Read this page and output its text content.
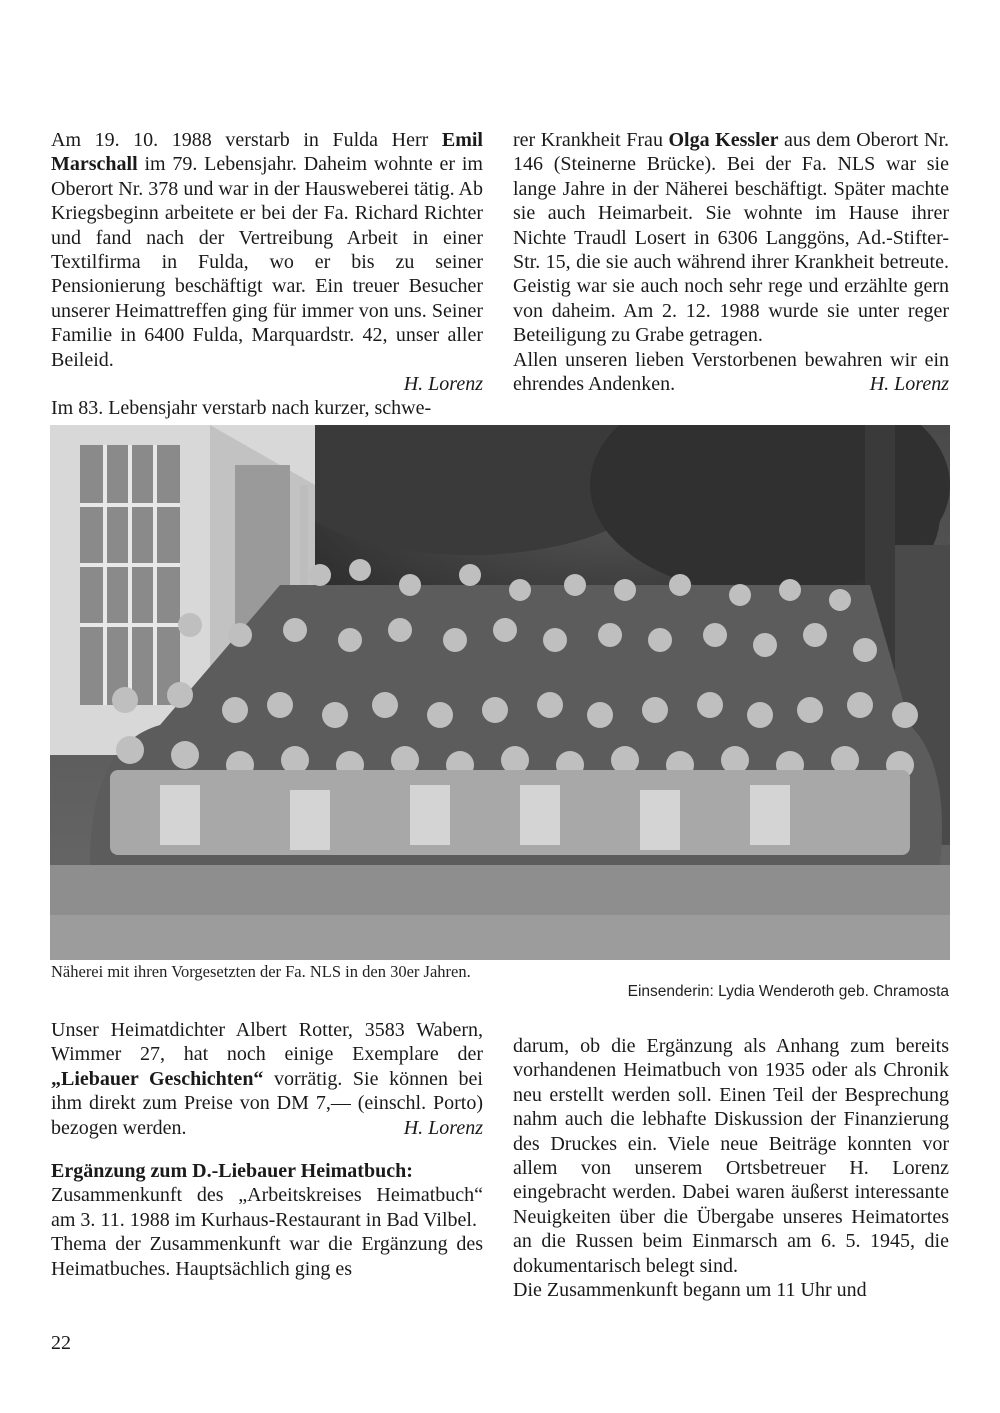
Am 19. 10. 1988 verstarb in Fulda Herr Emil Marschall im 79. Lebensjahr. Daheim wohnte er im Oberort Nr. 378 und war in der Hausweberei tätig. Ab Kriegsbeginn arbeitete er bei der Fa. Richard Richter und fand nach der Vertreibung Arbeit in einer Textilfirma in Fulda, wo er bis zu seiner Pensionierung beschäftigt war. Ein treuer Besucher unserer Heimattreffen ging für immer von uns. Seiner Familie in 6400 Fulda, Marquardstr. 42, unser aller Beileid.

H. Lorenz

Im 83. Lebensjahr verstarb nach kurzer, schwe-

rer Krankheit Frau Olga Kessler aus dem Oberort Nr. 146 (Steinerne Brücke). Bei der Fa. NLS war sie lange Jahre in der Näherei beschäftigt. Später machte sie auch Heimarbeit. Sie wohnte im Hause ihrer Nichte Traudl Losert in 6306 Langgöns, Ad.-Stifter-Str. 15, die sie auch während ihrer Krankheit betreute. Geistig war sie auch noch sehr rege und erzählte gern von daheim. Am 2. 12. 1988 wurde sie unter reger Beteiligung zu Grabe getragen.

Allen unseren lieben Verstorbenen bewahren wir ein ehrendes Andenken.	H. Lorenz

Näherei mit ihren Vorgesetzten der Fa. NLS in den 30er Jahren.
Einsenderin: Lydia Wenderoth geb. Chramosta

Unser Heimatdichter Albert Rotter, 3583 Wabern, Wimmer 27, hat noch einige Exemplare der „Liebauer Geschichten“ vorrätig. Sie können bei ihm direkt zum Preise von DM 7,— (einschl. Porto) bezogen werden.	H. Lorenz

Ergänzung zum D.-Liebauer Heimatbuch:

Zusammenkunft des „Arbeitskreises Heimatbuch“ am 3. 11. 1988 im Kurhaus-Restaurant in Bad Vilbel.

Thema der Zusammenkunft war die Ergänzung des Heimatbuches. Hauptsächlich ging es

darum, ob die Ergänzung als Anhang zum bereits vorhandenen Heimatbuch von 1935 oder als Chronik neu erstellt werden soll. Einen Teil der Besprechung nahm auch die lebhafte Diskussion der Finanzierung des Druckes ein. Viele neue Beiträge konnten vor allem von unserem Ortsbetreuer H. Lorenz eingebracht werden. Dabei waren äußerst interessante Neuigkeiten über die Übergabe unseres Heimatortes an die Russen beim Einmarsch am 6. 5. 1945, die dokumentarisch belegt sind.

Die Zusammenkunft begann um 11 Uhr und

22
